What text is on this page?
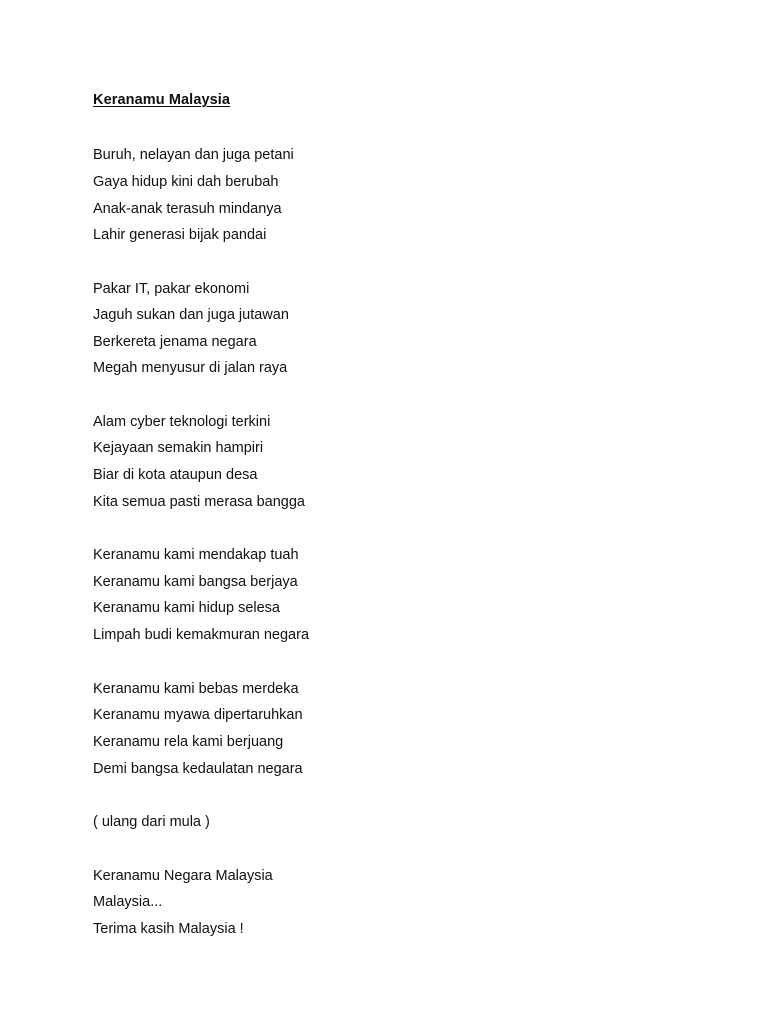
Keranamu Malaysia
Buruh, nelayan dan juga petani
Gaya hidup kini dah berubah
Anak-anak terasuh mindanya
Lahir generasi bijak pandai
Pakar IT, pakar ekonomi
Jaguh sukan dan juga jutawan
Berkereta jenama negara
Megah menyusur di jalan raya
Alam cyber teknologi terkini
Kejayaan semakin hampiri
Biar di kota ataupun desa
Kita semua pasti merasa bangga
Keranamu kami mendakap tuah
Keranamu kami bangsa berjaya
Keranamu kami hidup selesa
Limpah budi kemakmuran negara
Keranamu kami bebas merdeka
Keranamu myawa dipertaruhkan
Keranamu rela kami berjuang
Demi bangsa kedaulatan negara
( ulang dari mula )
Keranamu Negara Malaysia
Malaysia...
Terima kasih Malaysia !
